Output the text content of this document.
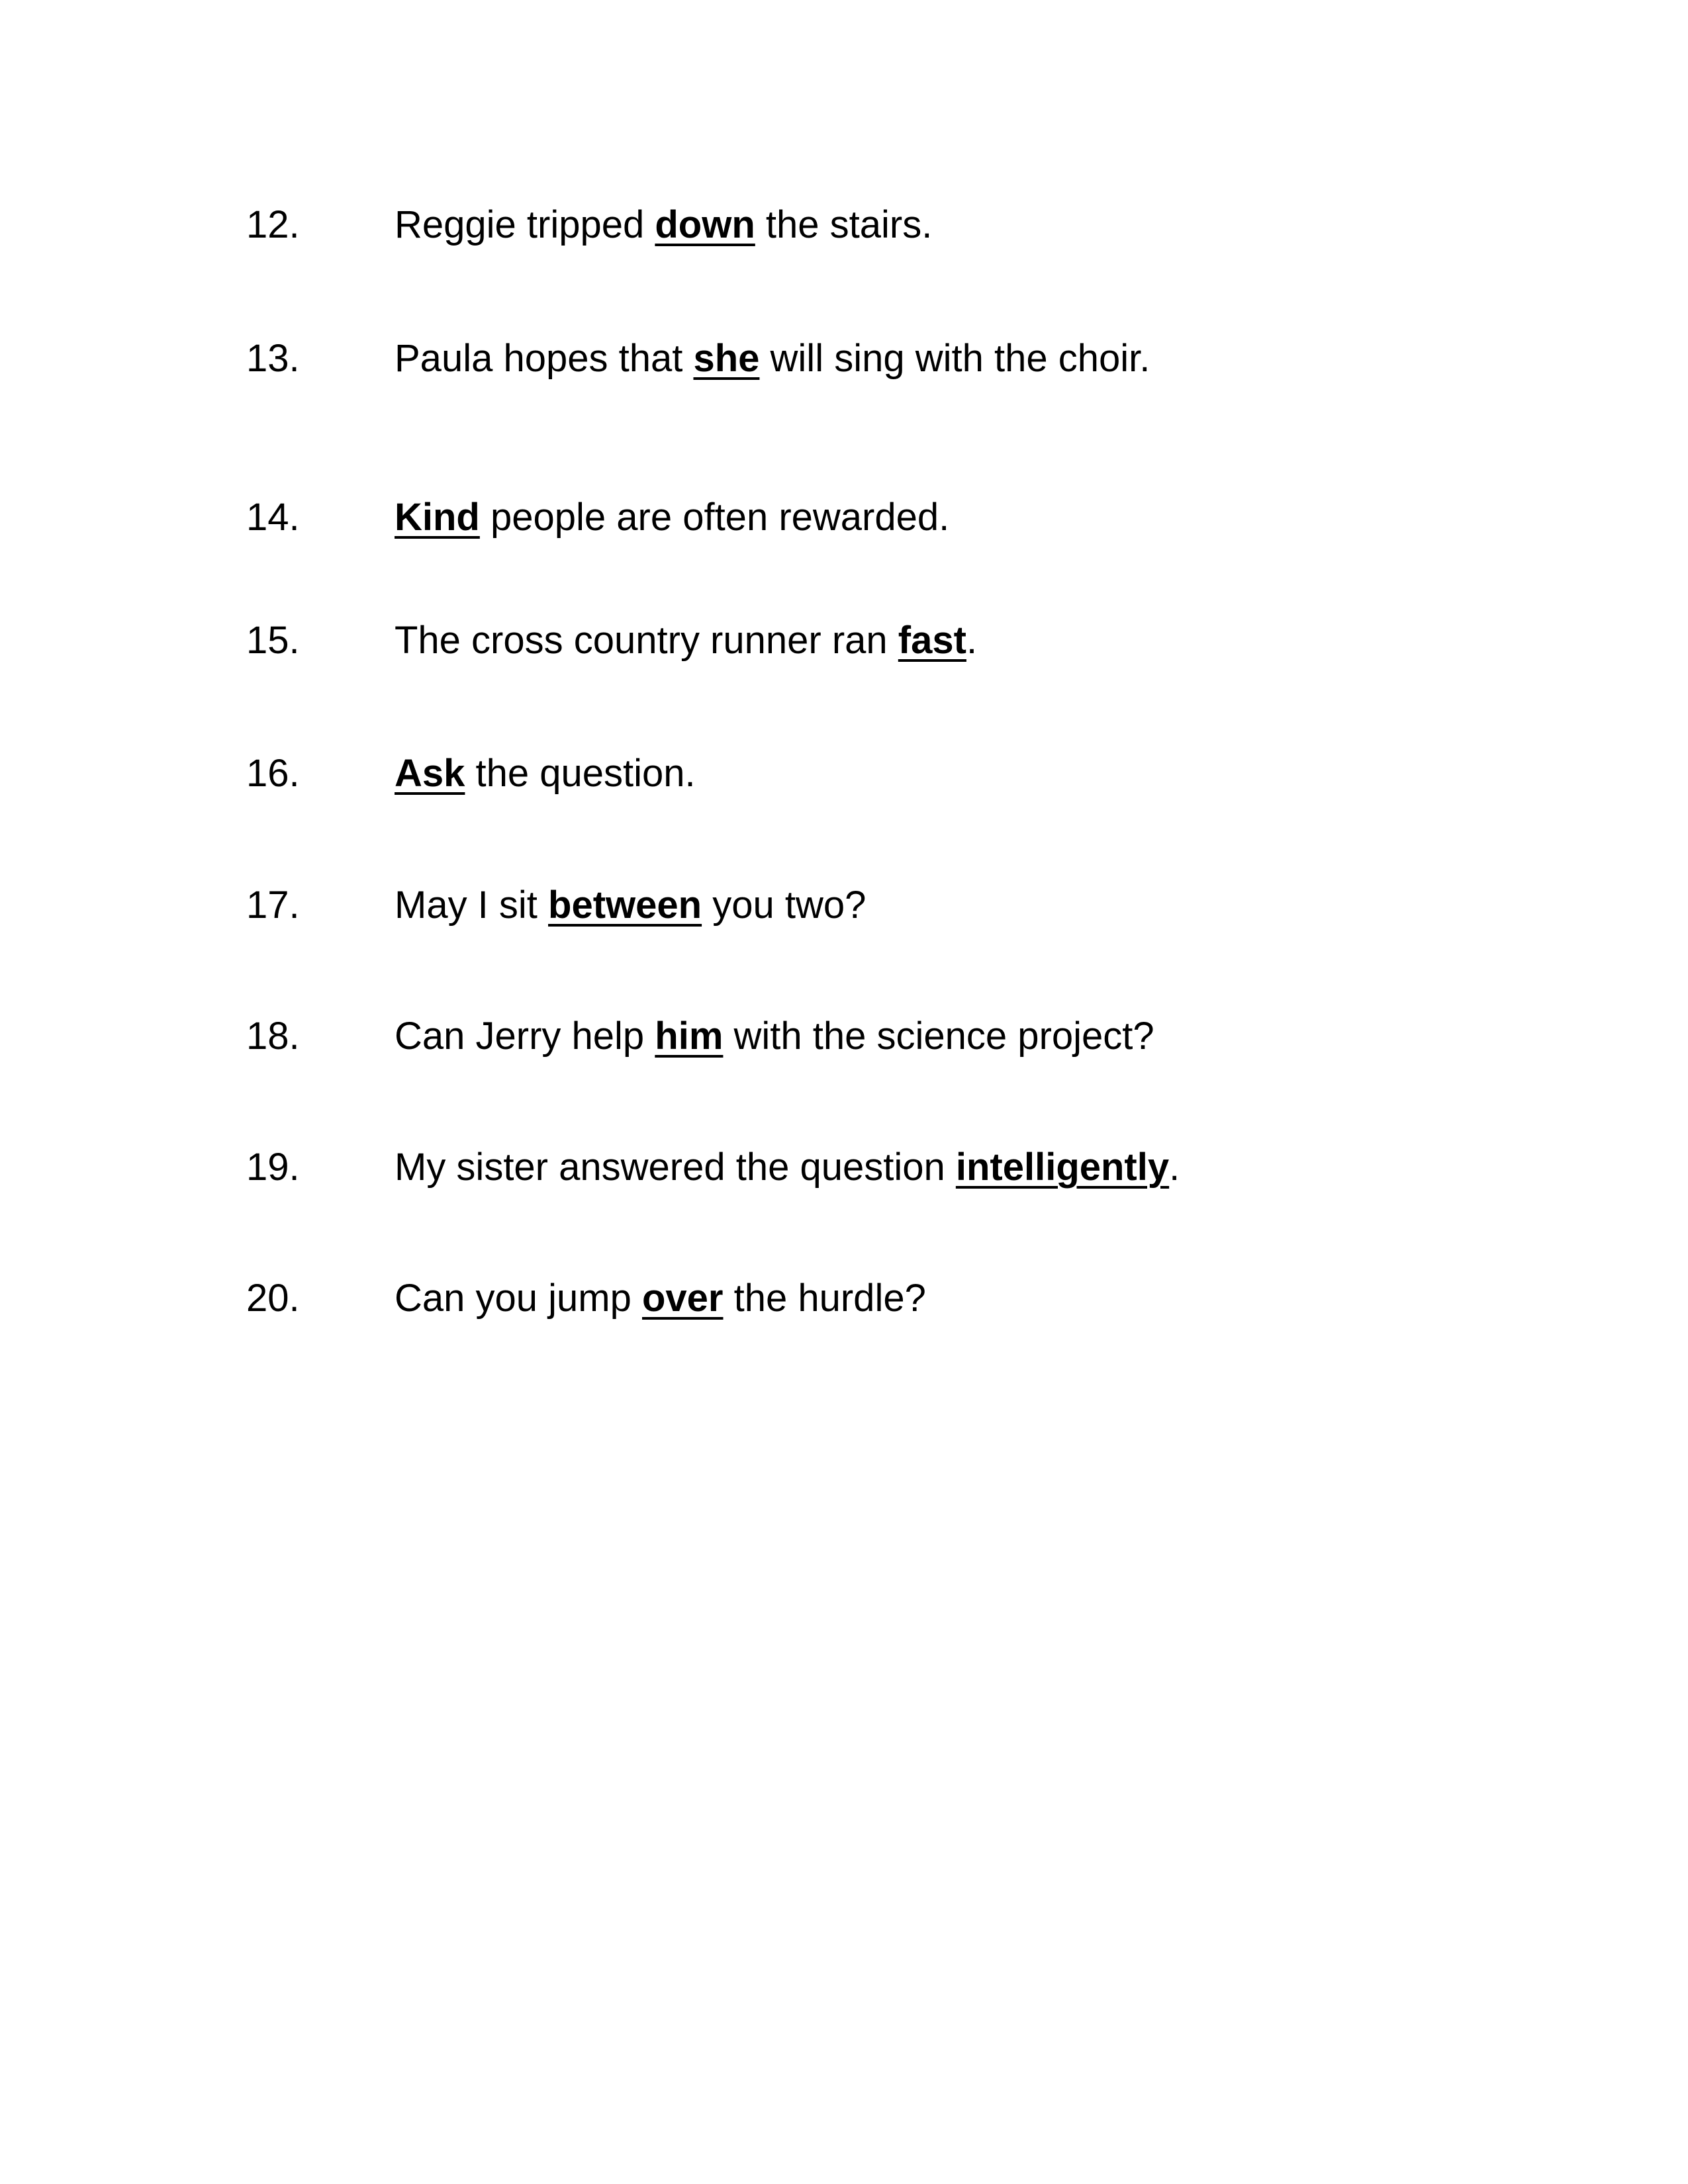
12.	Reggie tripped down the stairs.
13.	Paula hopes that she will sing with the choir.
14.	Kind people are often rewarded.
15.	The cross country runner ran fast.
16.	Ask the question.
17.	May I sit between you two?
18.	Can Jerry help him with the science project?
19.	My sister answered the question intelligently.
20.	Can you jump over the hurdle?
